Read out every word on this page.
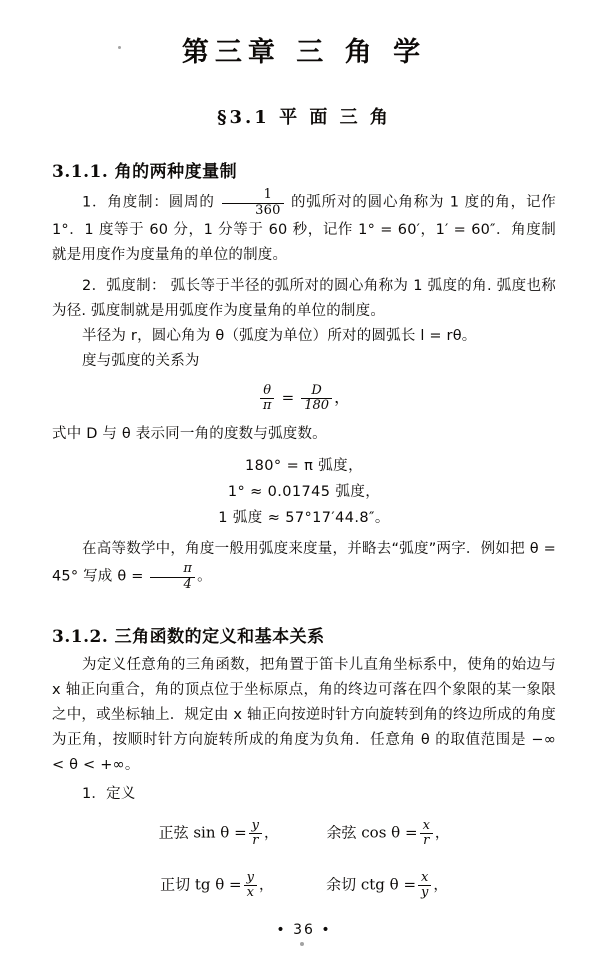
第三章 三 角 学
§3.1 平 面 三 角
3.1.1. 角的两种度量制

1．角度制：圆周的 $\frac{1}{360}$ 的弧所对的圆心角称为 1 度的角，记作 1°．1 度等于 60 分，1 分等于 60 秒，记作 1° = 60′，1′ = 60″．角度制就是用度作为度量角的单位的制度。

2．弧度制： 弧长等于半径的弧所对的圆心角称为 1 弧度的角. 弧度也称为径. 弧度制就是用弧度作为度量角的单位的制度。

半径为 r，圆心角为 θ（弧度为单位）所对的圆弧长 l = rθ。

度与弧度的关系为

$\frac{\theta}{\pi} = \frac{D}{180}$ ，

式中 D 与 θ 表示同一角的度数与弧度数。

180° = π 弧度，
1° ≈ 0.01745 弧度，
1 弧度 ≈ 57°17′44.8″。

在高等数学中，角度一般用弧度来度量，并略去“弧度”两字．例如把 θ = 45° 写成 $\theta = \frac{\pi}{4}$ 。

3.1.2. 三角函数的定义和基本关系

为定义任意角的三角函数，把角置于笛卡儿直角坐标系中，使角的始边与 x 轴正向重合，角的顶点位于坐标原点，角的终边可落在四个象限的某一象限之中，或坐标轴上．规定由 x 轴正向按逆时针方向旋转到角的终边所成的角度为正角，按顺时针方向旋转所成的角度为负角．任意角 θ 的取值范围是 −∞ < θ < +∞。

1．定义

正弦 $\sin \theta = \frac{y}{r}$ ，	余弦 $\cos \theta = \frac{x}{r}$ ，
正切 tg $\theta = \frac{y}{x}$ ，	余切 ctg $\theta = \frac{x}{y}$ ，
• 36 •
